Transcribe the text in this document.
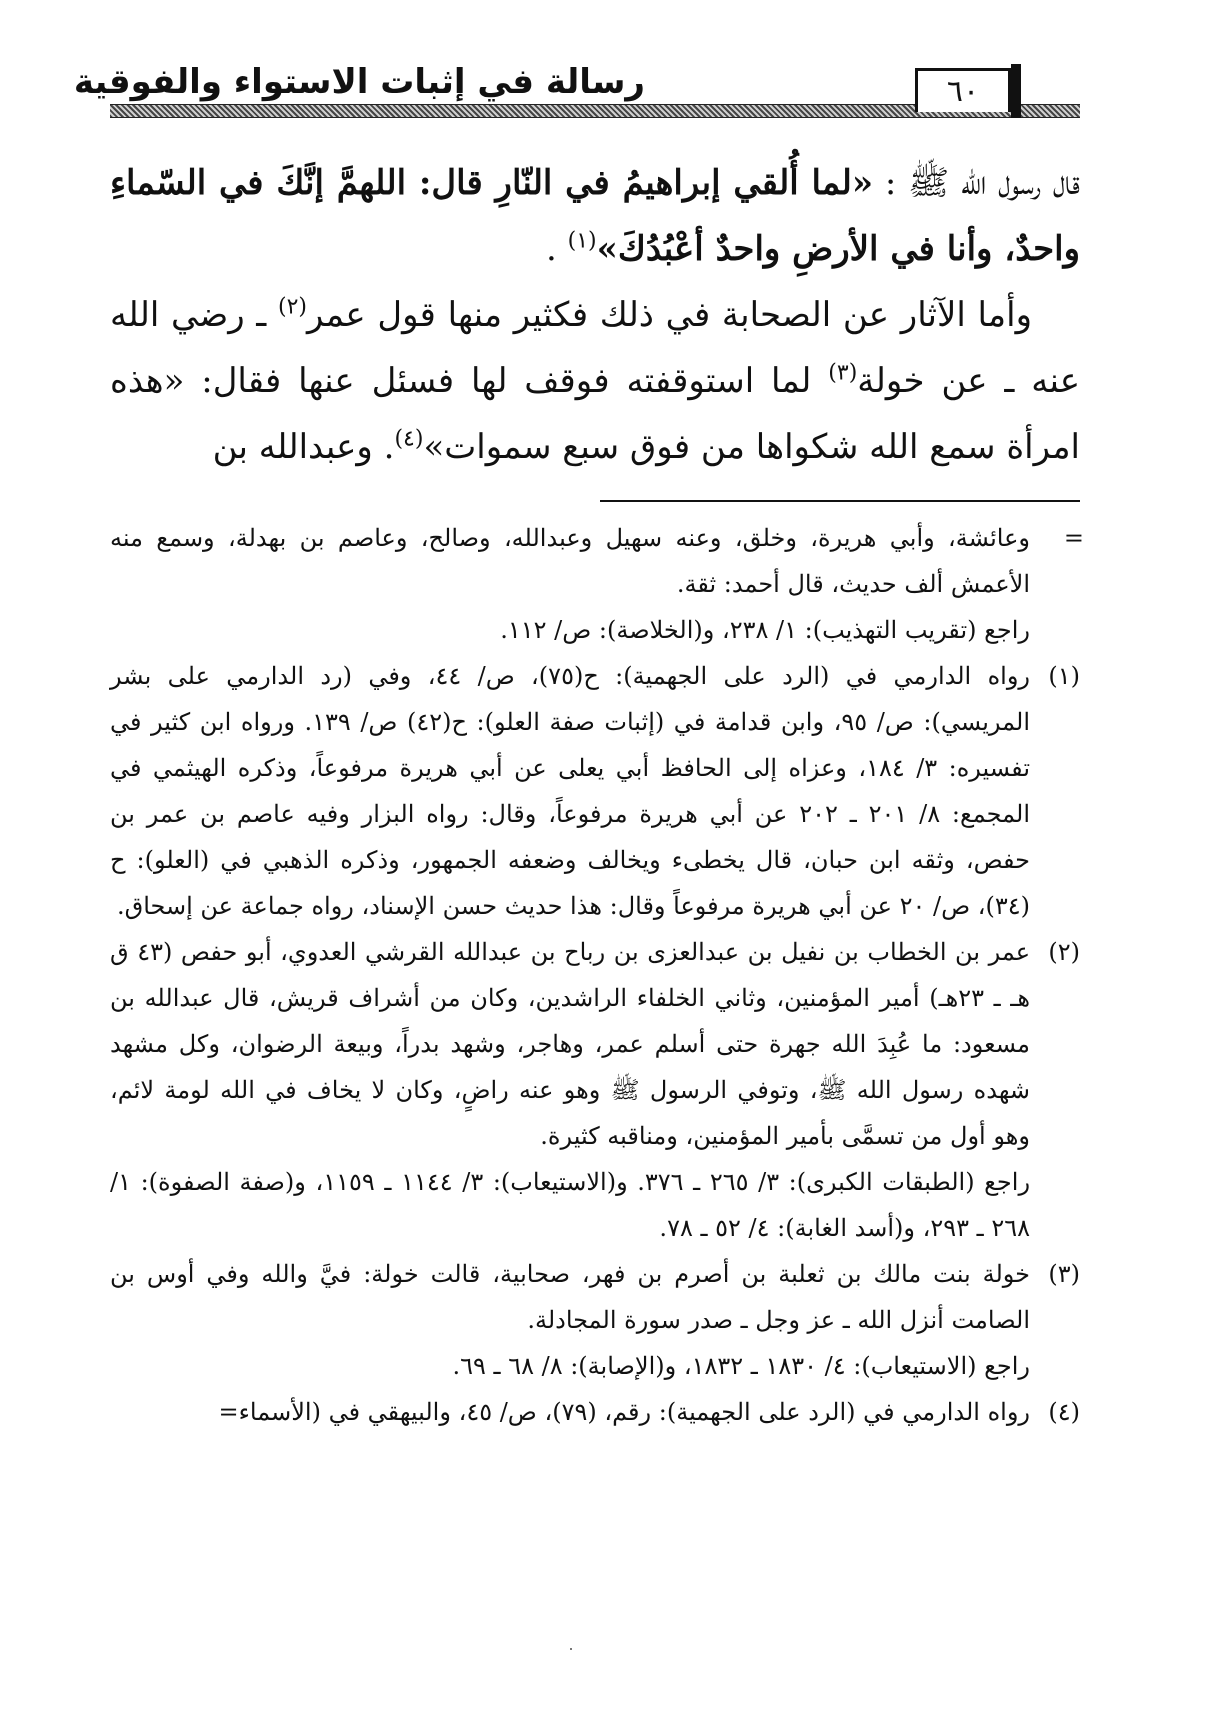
رسالة في إثبات الاستواء والفوقية	٦٠

قال رسول الله ﷺ : «لما أُلقي إبراهيمُ في النّارِ قال: اللهمَّ إنَّكَ في السّماءِ واحدٌ، وأنا في الأرضِ واحدٌ أعْبُدُكَ»$^{(١)}$ .

وأما الآثار عن الصحابة في ذلك فكثير منها قول عمر$^{(٢)}$ ـ رضي الله عنه ـ عن خولة$^{(٣)}$ لما استوقفته فوقف لها فسئل عنها فقال: «هذه امرأة سمع الله شكواها من فوق سبع سموات»$^{(٤)}$. وعبدالله بن

=

وعائشة، وأبي هريرة، وخلق، وعنه سهيل وعبدالله، وصالح، وعاصم بن بهدلة، وسمع منه الأعمش ألف حديث، قال أحمد: ثقة.

راجع (تقريب التهذيب): ١/ ٢٣٨، و(الخلاصة): ص/ ١١٢.

(١)

رواه الدارمي في (الرد على الجهمية): ح(٧٥)، ص/ ٤٤، وفي (رد الدارمي على بشر المريسي): ص/ ٩٥، وابن قدامة في (إثبات صفة العلو): ح(٤٢) ص/ ١٣٩. ورواه ابن كثير في تفسيره: ٣/ ١٨٤، وعزاه إلى الحافظ أبي يعلى عن أبي هريرة مرفوعاً، وذكره الهيثمي في المجمع: ٨/ ٢٠١ ـ ٢٠٢ عن أبي هريرة مرفوعاً، وقال: رواه البزار وفيه عاصم بن عمر بن حفص، وثقه ابن حبان، قال يخطىء ويخالف وضعفه الجمهور، وذكره الذهبي في (العلو): ح (٣٤)، ص/ ٢٠ عن أبي هريرة مرفوعاً وقال: هذا حديث حسن الإسناد، رواه جماعة عن إسحاق.

(٢)

عمر بن الخطاب بن نفيل بن عبدالعزى بن رباح بن عبدالله القرشي العدوي، أبو حفص (٤٣ ق هـ ـ ٢٣هـ) أمير المؤمنين، وثاني الخلفاء الراشدين، وكان من أشراف قريش، قال عبدالله بن مسعود: ما عُبِدَ الله جهرة حتى أسلم عمر، وهاجر، وشهد بدراً، وبيعة الرضوان، وكل مشهد شهده رسول الله ﷺ، وتوفي الرسول ﷺ وهو عنه راضٍ، وكان لا يخاف في الله لومة لائم، وهو أول من تسمَّى بأمير المؤمنين، ومناقبه كثيرة.

راجع (الطبقات الكبرى): ٣/ ٢٦٥ ـ ٣٧٦. و(الاستيعاب): ٣/ ١١٤٤ ـ ١١٥٩، و(صفة الصفوة): ١/ ٢٦٨ ـ ٢٩٣، و(أسد الغابة): ٤/ ٥٢ ـ ٧٨.

(٣)

خولة بنت مالك بن ثعلبة بن أصرم بن فهر، صحابية، قالت خولة: فيَّ والله وفي أوس بن الصامت أنزل الله ـ عز وجل ـ صدر سورة المجادلة.

راجع (الاستيعاب): ٤/ ١٨٣٠ ـ ١٨٣٢، و(الإصابة): ٨/ ٦٨ ـ ٦٩.

(٤)

رواه الدارمي في (الرد على الجهمية): رقم، (٧٩)، ص/ ٤٥، والبيهقي في (الأسماء=
